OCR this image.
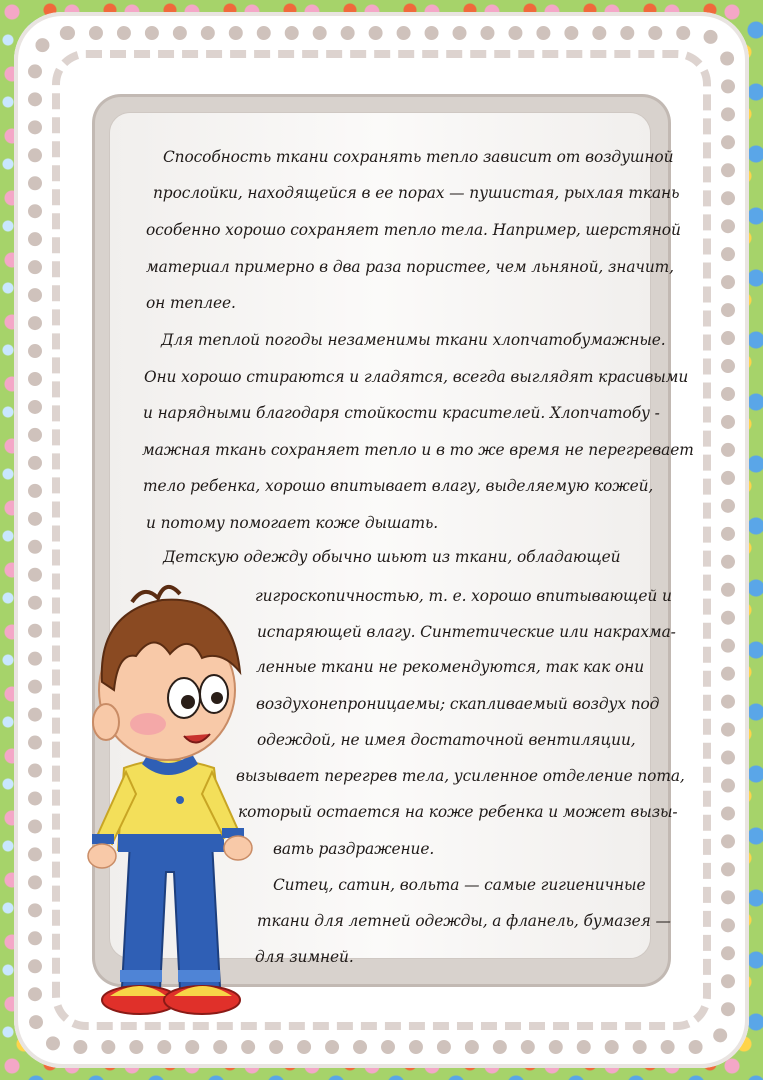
Способность ткани сохранять тепло зависит от воздушной

прослойки, находящейся в ее порах — пушистая, рыхлая ткань

особенно хорошо сохраняет тепло тела. Например, шерстяной

материал примерно в два раза пористее, чем льняной, значит,

он теплее.

Для теплой погоды незаменимы ткани хлопчатобумажные.

Они хорошо стираются и гладятся, всегда выглядят красивыми

и нарядными благодаря стойкости красителей. Хлопчатобу -

мажная ткань сохраняет тепло и в то же время не перегревает

тело ребенка, хорошо впитывает влагу, выделяемую кожей,

и потому помогает коже дышать.

Детскую одежду обычно шьют из ткани, обладающей

гигроскопичностью, т. е. хорошо впитывающей и

испаряющей влагу. Синтетические или накрахма-

ленные ткани не рекомендуются, так как они

воздухонепроницаемы; скапливаемый воздух под

одеждой, не имея достаточной вентиляции,

вызывает перегрев тела, усиленное отделение пота,

который остается на коже ребенка и может вызы-

вать раздражение.

Ситец, сатин, вольта — самые гигиеничные

ткани для летней одежды, а фланель, бумазея —

для зимней.
